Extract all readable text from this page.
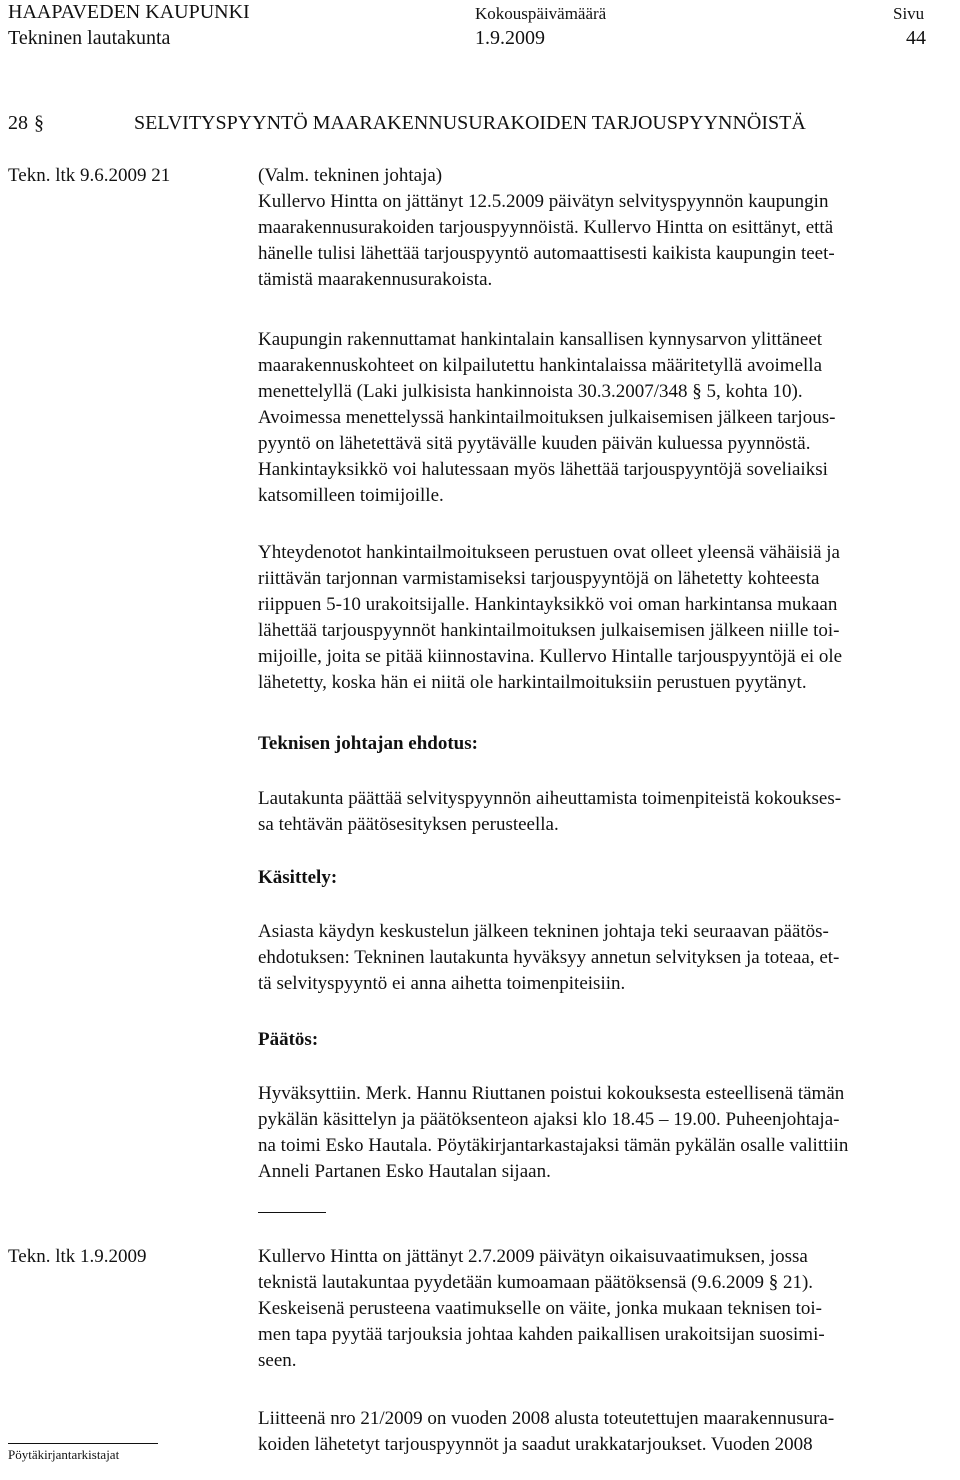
HAAPAVEDEN KAUPUNKI
Tekninen lautakunta
Kokouspäivämäärä
1.9.2009
Sivu
44
28 §	SELVITYSPYYNTÖ MAARAKENNUSURAKOIDEN TARJOUSPYYNNÖISTÄ
Tekn. ltk 9.6.2009 21
Tekn. ltk 1.9.2009

(Valm. tekninen johtaja)

Kullervo Hintta on jättänyt 12.5.2009 päivätyn selvityspyynnön kaupungin

maarakennusurakoiden tarjouspyynnöistä. Kullervo Hintta on esittänyt, että

hänelle tulisi lähettää tarjouspyyntö automaattisesti kaikista kaupungin teet-

tämistä maarakennusurakoista.

Kaupungin rakennuttamat hankintalain kansallisen kynnysarvon ylittäneet

maarakennuskohteet on kilpailutettu hankintalaissa määritetyllä avoimella

menettelyllä (Laki julkisista hankinnoista 30.3.2007/348 § 5, kohta 10).

Avoimessa menettelyssä hankintailmoituksen julkaisemisen jälkeen tarjous-

pyyntö on lähetettävä sitä pyytävälle kuuden päivän kuluessa pyynnöstä.

Hankintayksikkö voi halutessaan myös lähettää tarjouspyyntöjä soveliaiksi

katsomilleen toimijoille.

Yhteydenotot hankintailmoitukseen perustuen ovat olleet yleensä vähäisiä ja

riittävän tarjonnan varmistamiseksi tarjouspyyntöjä on lähetetty kohteesta

riippuen 5-10 urakoitsijalle. Hankintayksikkö voi oman harkintansa mukaan

lähettää tarjouspyynnöt hankintailmoituksen julkaisemisen jälkeen niille toi-

mijoille, joita se pitää kiinnostavina. Kullervo Hintalle tarjouspyyntöjä ei ole

lähetetty, koska hän ei niitä ole harkintailmoituksiin perustuen pyytänyt.

Teknisen johtajan ehdotus:

Lautakunta päättää selvityspyynnön aiheuttamista toimenpiteistä kokoukses-

sa tehtävän päätösesityksen perusteella.

Käsittely:

Asiasta käydyn keskustelun jälkeen tekninen johtaja teki seuraavan päätös-

ehdotuksen: Tekninen lautakunta hyväksyy annetun selvityksen ja toteaa, et-

tä selvityspyyntö ei anna aihetta toimenpiteisiin.

Päätös:

Hyväksyttiin. Merk. Hannu Riuttanen poistui kokouksesta esteellisenä tämän

pykälän käsittelyn ja päätöksenteon ajaksi klo 18.45 – 19.00. Puheenjohtaja-

na toimi Esko Hautala. Pöytäkirjantarkastajaksi tämän pykälän osalle valittiin

Anneli Partanen Esko Hautalan sijaan.

Kullervo Hintta on jättänyt 2.7.2009 päivätyn oikaisuvaatimuksen, jossa

teknistä lautakuntaa pyydetään kumoamaan päätöksensä (9.6.2009 § 21).

Keskeisenä perusteena vaatimukselle on väite, jonka mukaan teknisen toi-

men tapa pyytää tarjouksia johtaa kahden paikallisen urakoitsijan suosimi-

seen.

Liitteenä nro 21/2009 on vuoden 2008 alusta toteutettujen maarakennusura-

koiden lähetetyt tarjouspyynnöt ja saadut urakkatarjoukset. Vuoden 2008

Pöytäkirjantarkistajat
